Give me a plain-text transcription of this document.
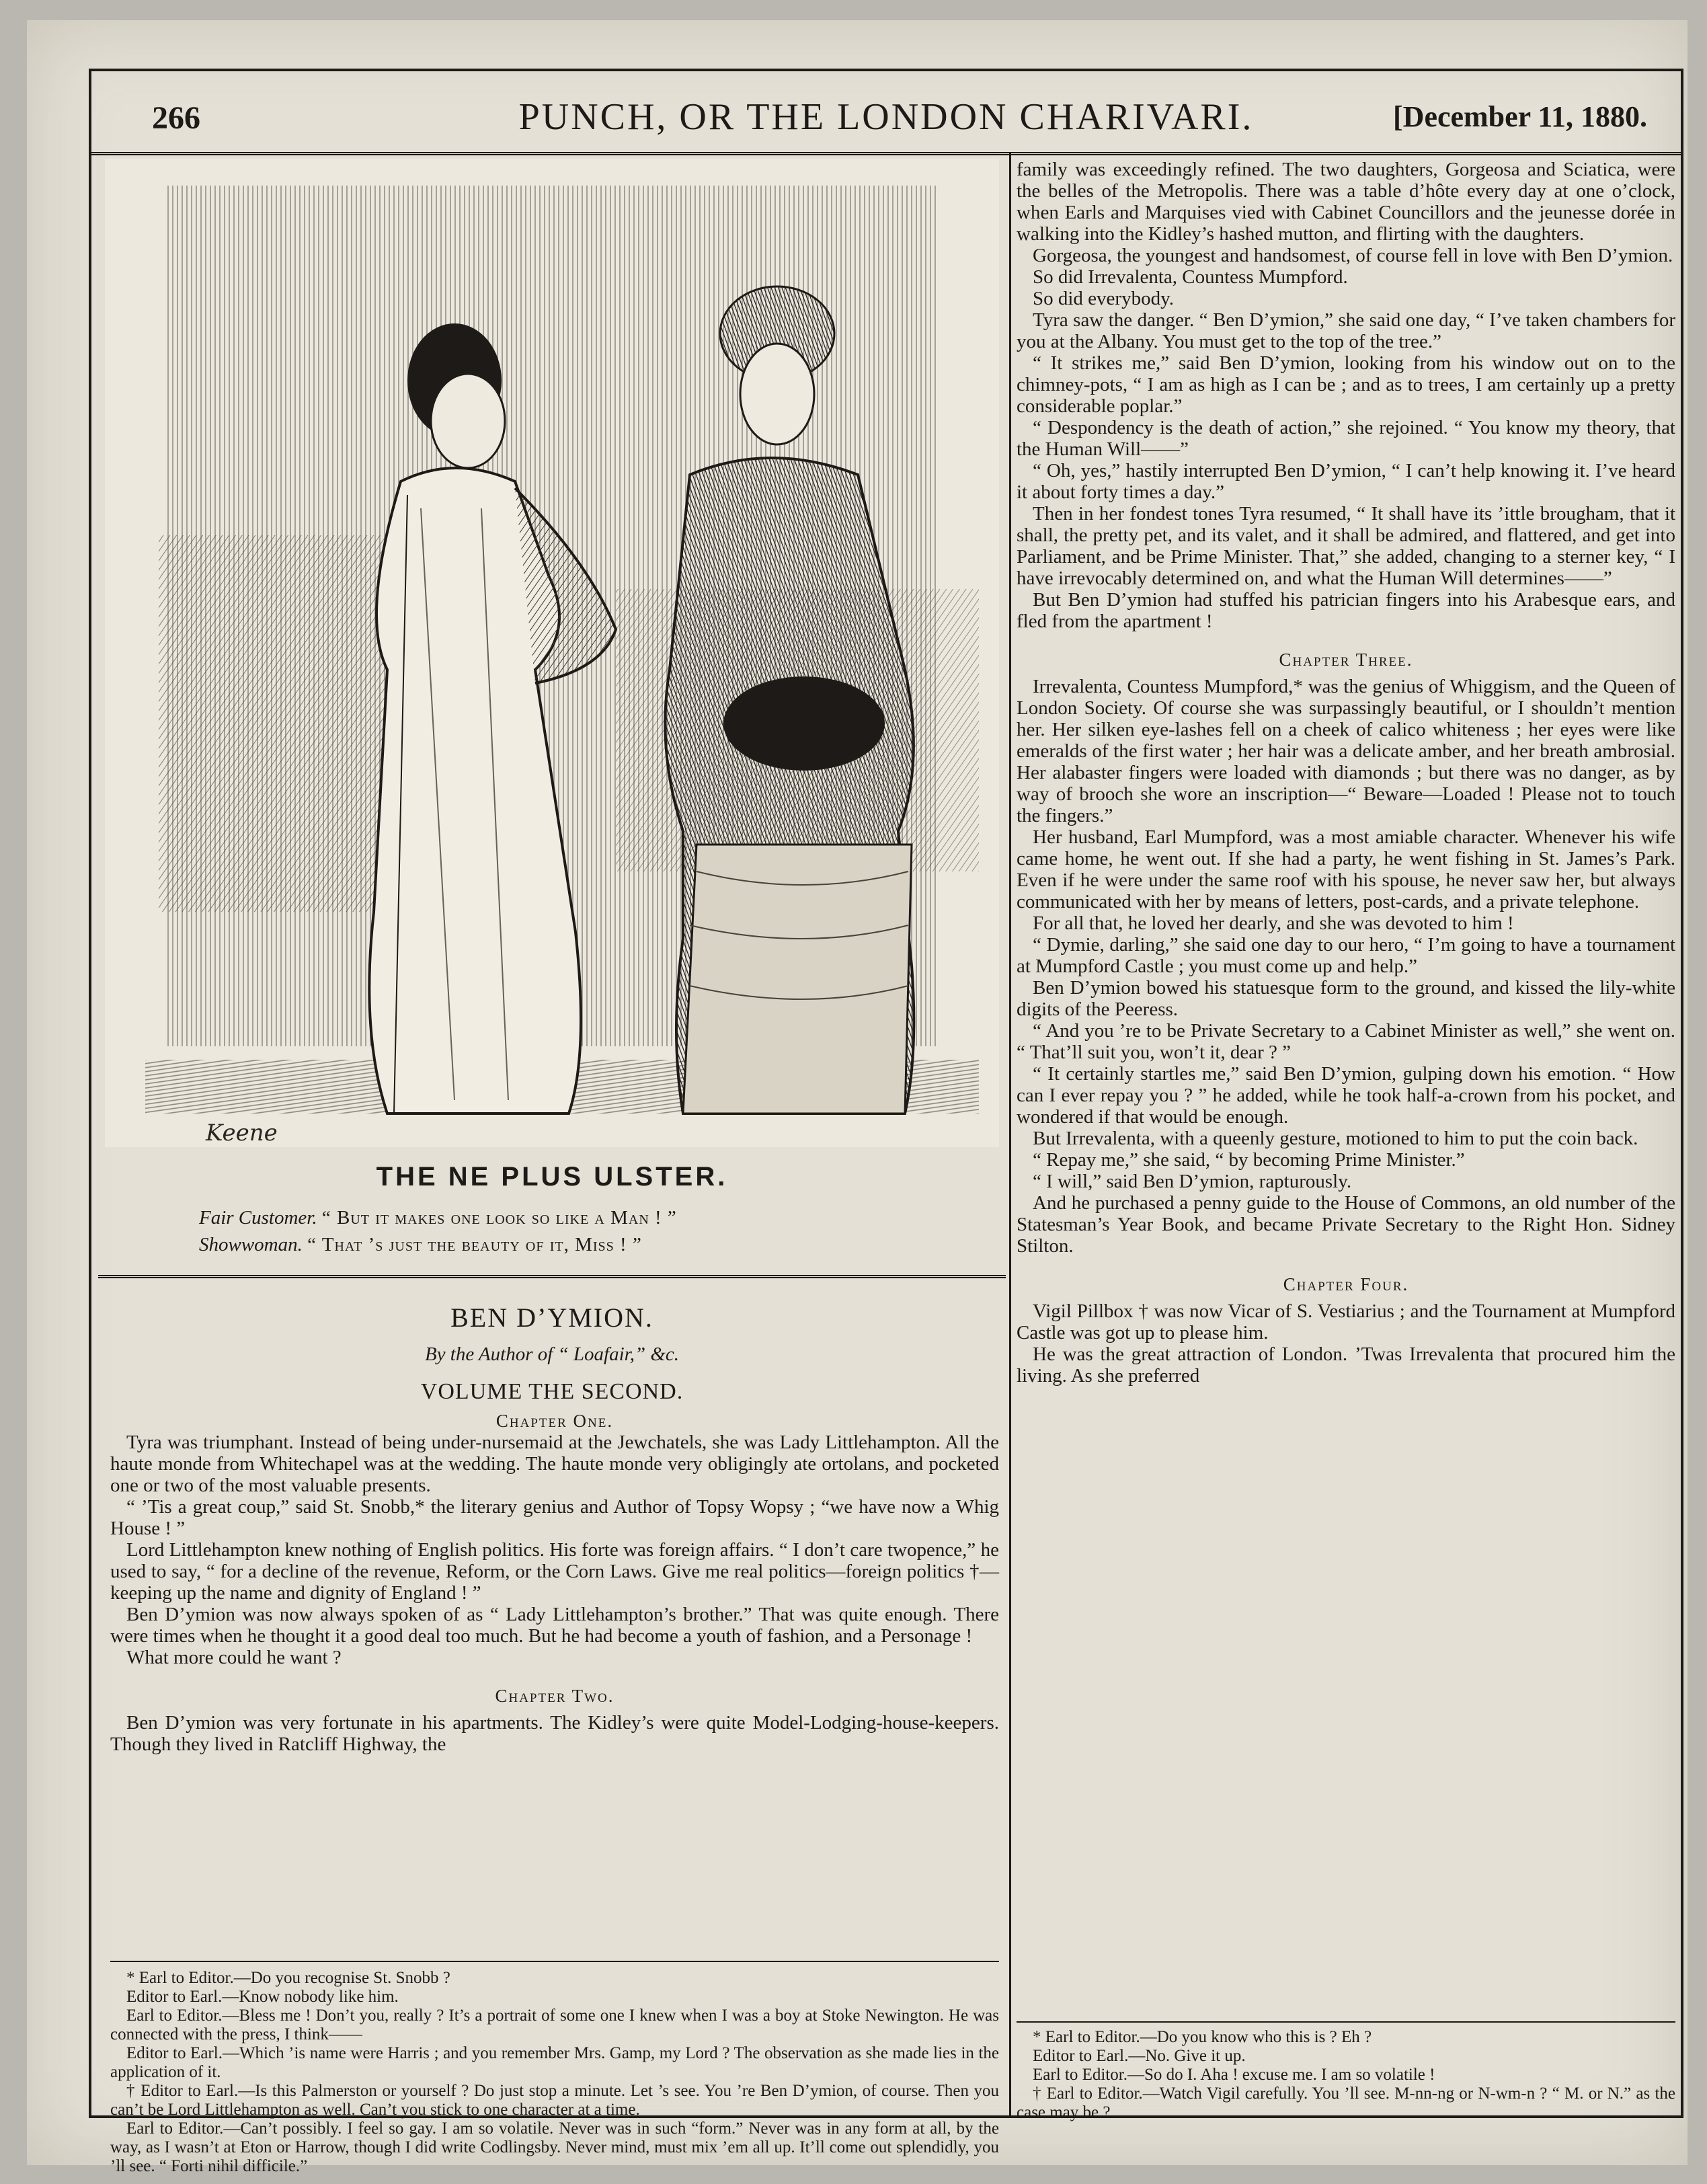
266	PUNCH, OR THE LONDON CHARIVARI.	[December 11, 1880.
Keene
THE NE PLUS ULSTER.
Fair Customer. “ But it makes one look so like a Man ! ”
Showwoman. “ That ’s just the beauty of it, Miss ! ”
BEN D’YMION.
By the Author of “ Loafair,” &c.
VOLUME THE SECOND.

Chapter One.

Tyra was triumphant. Instead of being under-nursemaid at the Jewchatels, she was Lady Littlehampton. All the haute monde from Whitechapel was at the wedding. The haute monde very obligingly ate ortolans, and pocketed one or two of the most valuable presents.

“ ’Tis a great coup,” said St. Snobb,* the literary genius and Author of Topsy Wopsy ; “we have now a Whig House ! ”

Lord Littlehampton knew nothing of English politics. His forte was foreign affairs. “ I don’t care twopence,” he used to say, “ for a decline of the revenue, Reform, or the Corn Laws. Give me real politics—foreign politics †—keeping up the name and dignity of England ! ”

Ben D’ymion was now always spoken of as “ Lady Littlehampton’s brother.” That was quite enough. There were times when he thought it a good deal too much. But he had become a youth of fashion, and a Personage !

What more could he want ?

Chapter Two.

Ben D’ymion was very fortunate in his apartments. The Kidley’s were quite Model-Lodging-house-keepers. Though they lived in Ratcliff Highway, the

* Earl to Editor.—Do you recognise St. Snobb ?

Editor to Earl.—Know nobody like him.

Earl to Editor.—Bless me ! Don’t you, really ? It’s a portrait of some one I knew when I was a boy at Stoke Newington. He was connected with the press, I think——

Editor to Earl.—Which ’is name were Harris ; and you remember Mrs. Gamp, my Lord ? The observation as she made lies in the application of it.

† Editor to Earl.—Is this Palmerston or yourself ? Do just stop a minute. Let ’s see. You ’re Ben D’ymion, of course. Then you can’t be Lord Littlehampton as well. Can’t you stick to one character at a time.

Earl to Editor.—Can’t possibly. I feel so gay. I am so volatile. Never was in such “form.” Never was in any form at all, by the way, as I wasn’t at Eton or Harrow, though I did write Codlingsby. Never mind, must mix ’em all up. It’ll come out splendidly, you ’ll see. “ Forti nihil difficile.”

family was exceedingly refined. The two daughters, Gorgeosa and Sciatica, were the belles of the Metropolis. There was a table d’hôte every day at one o’clock, when Earls and Marquises vied with Cabinet Councillors and the jeunesse dorée in walking into the Kidley’s hashed mutton, and flirting with the daughters.

Gorgeosa, the youngest and handsomest, of course fell in love with Ben D’ymion.

So did Irrevalenta, Countess Mumpford.

So did everybody.

Tyra saw the danger. “ Ben D’ymion,” she said one day, “ I’ve taken chambers for you at the Albany. You must get to the top of the tree.”

“ It strikes me,” said Ben D’ymion, looking from his window out on to the chimney-pots, “ I am as high as I can be ; and as to trees, I am certainly up a pretty considerable poplar.”

“ Despondency is the death of action,” she rejoined. “ You know my theory, that the Human Will——”

“ Oh, yes,” hastily interrupted Ben D’ymion, “ I can’t help knowing it. I’ve heard it about forty times a day.”

Then in her fondest tones Tyra resumed, “ It shall have its ’ittle brougham, that it shall, the pretty pet, and its valet, and it shall be admired, and flattered, and get into Parliament, and be Prime Minister. That,” she added, changing to a sterner key, “ I have irrevocably determined on, and what the Human Will determines——”

But Ben D’ymion had stuffed his patrician fingers into his Arabesque ears, and fled from the apartment !

Chapter Three.

Irrevalenta, Countess Mumpford,* was the genius of Whiggism, and the Queen of London Society. Of course she was surpassingly beautiful, or I shouldn’t mention her. Her silken eye-lashes fell on a cheek of calico whiteness ; her eyes were like emeralds of the first water ; her hair was a delicate amber, and her breath ambrosial. Her alabaster fingers were loaded with diamonds ; but there was no danger, as by way of brooch she wore an inscription—“ Beware—Loaded ! Please not to touch the fingers.”

Her husband, Earl Mumpford, was a most amiable character. Whenever his wife came home, he went out. If she had a party, he went fishing in St. James’s Park. Even if he were under the same roof with his spouse, he never saw her, but always communicated with her by means of letters, post-cards, and a private telephone.

For all that, he loved her dearly, and she was devoted to him !

“ Dymie, darling,” she said one day to our hero, “ I’m going to have a tournament at Mumpford Castle ; you must come up and help.”

Ben D’ymion bowed his statuesque form to the ground, and kissed the lily-white digits of the Peeress.

“ And you ’re to be Private Secretary to a Cabinet Minister as well,” she went on. “ That’ll suit you, won’t it, dear ? ”

“ It certainly startles me,” said Ben D’ymion, gulping down his emotion. “ How can I ever repay you ? ” he added, while he took half-a-crown from his pocket, and wondered if that would be enough.

But Irrevalenta, with a queenly gesture, motioned to him to put the coin back.

“ Repay me,” she said, “ by becoming Prime Minister.”

“ I will,” said Ben D’ymion, rapturously.

And he purchased a penny guide to the House of Commons, an old number of the Statesman’s Year Book, and became Private Secretary to the Right Hon. Sidney Stilton.

Chapter Four.

Vigil Pillbox † was now Vicar of S. Vestiarius ; and the Tournament at Mumpford Castle was got up to please him.

He was the great attraction of London. ’Twas Irrevalenta that procured him the living. As she preferred

* Earl to Editor.—Do you know who this is ? Eh ?

Editor to Earl.—No. Give it up.

Earl to Editor.—So do I. Aha ! excuse me. I am so volatile !

† Earl to Editor.—Watch Vigil carefully. You ’ll see. M-nn-ng or N-wm-n ? “ M. or N.” as the case may be ?
